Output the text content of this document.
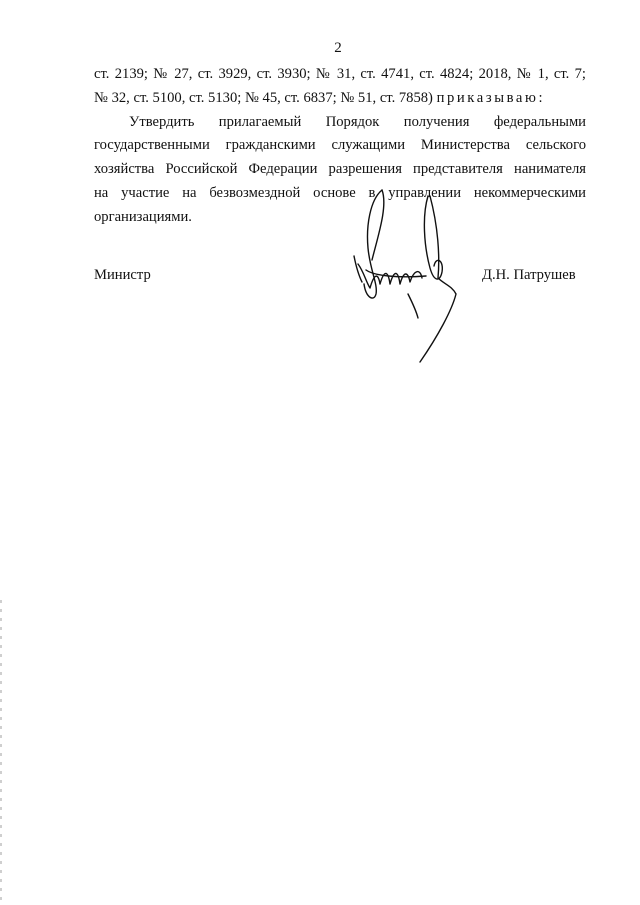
2
ст. 2139; № 27, ст. 3929, ст. 3930; № 31, ст. 4741, ст. 4824; 2018, № 1, ст. 7;
№ 32, ст. 5100, ст. 5130; № 45, ст. 6837; № 51, ст. 7858) приказываю:
Утвердить прилагаемый Порядок получения федеральными
государственными гражданскими служащими Министерства сельского
хозяйства Российской Федерации разрешения представителя нанимателя
на участие на безвозмездной основе в управлении некоммерческими
организациями.
Министр	Д.Н. Патрушев
